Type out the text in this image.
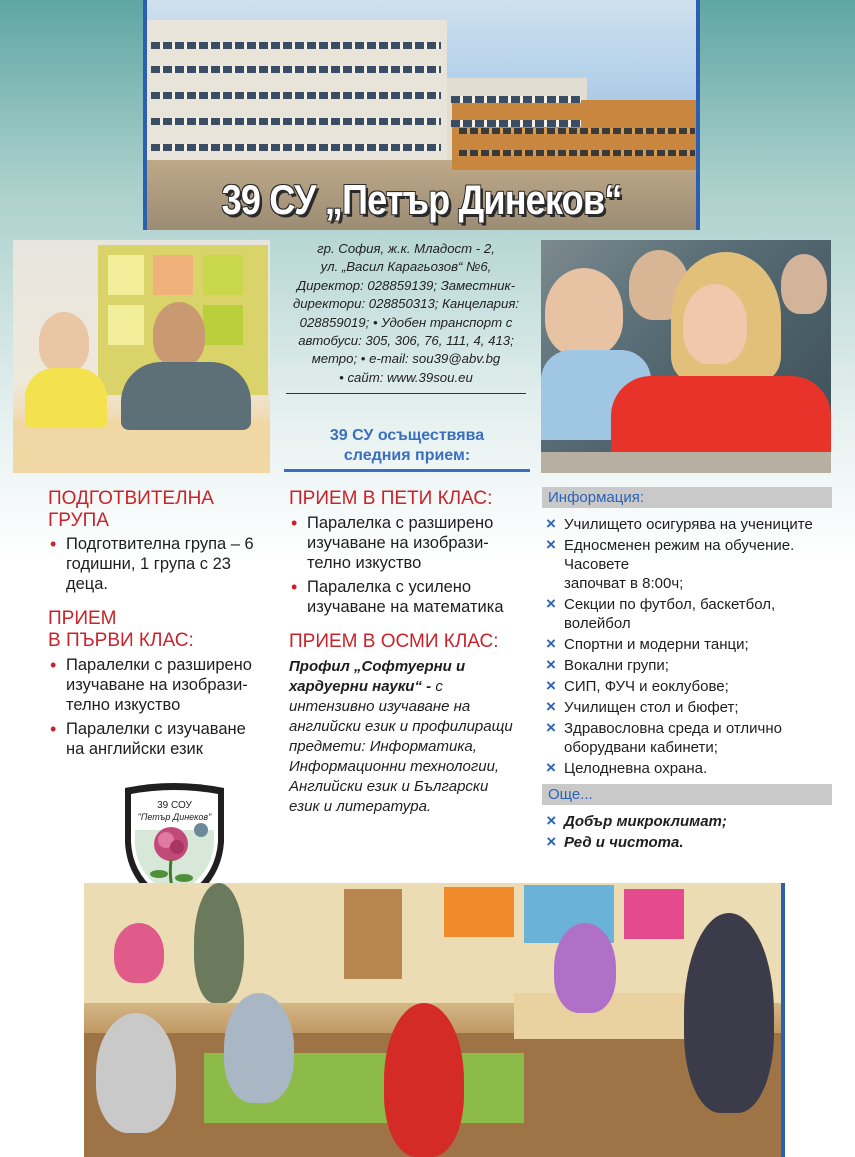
39 СУ „Петър Динеков“
гр. София, ж.к. Младост - 2,
ул. „Васил Карагьозов“ №6,
Директор: 028859139; Заместник-
директори: 028850313; Канцелария:
028859019; • Удобен транспорт с
автобуси: 305, 306, 76, 111, 4, 413;
метро; • e-mail: sou39@abv.bg
• сайт: www.39sou.eu
39 СУ осъществява
следния прием:
ПОДГОТВИТЕЛНА
ГРУПА
• Подготвителна група – 6 годишни, 1 група с 23 деца.
ПРИЕМ
В ПЪРВИ КЛАС:
• Паралелки с разширено изучаване на изобрази-телно изкуство
• Паралелки с изучаване на английски език
ПРИЕМ В ПЕТИ КЛАС:
• Паралелка с разширено изучаване на изобрази-телно изкуство
• Паралелка с усилено изучаване на математика
ПРИЕМ В ОСМИ КЛАС:
Профил „Софтуерни и хардуерни науки“ - с интензивно изучаване на английски език и профилиращи предмети: Информатика, Информационни технологии, Английски език и Български език и литература.
Информация:
× Училището осигурява на учениците
× Едносменен режим на обучение. Часовете
започват в 8:00ч;
× Секции по футбол, баскетбол, волейбол
× Спортни и модерни танци;
× Вокални групи;
× СИП, ФУЧ и еоклубове;
× Училищен стол и бюфет;
× Здравословна среда и отлично оборудвани кабинети;
× Целодневна охрана.
Още...
× Добър микроклимат;
× Ред и чистота.
39 СОУ
"Петър Динеков"
